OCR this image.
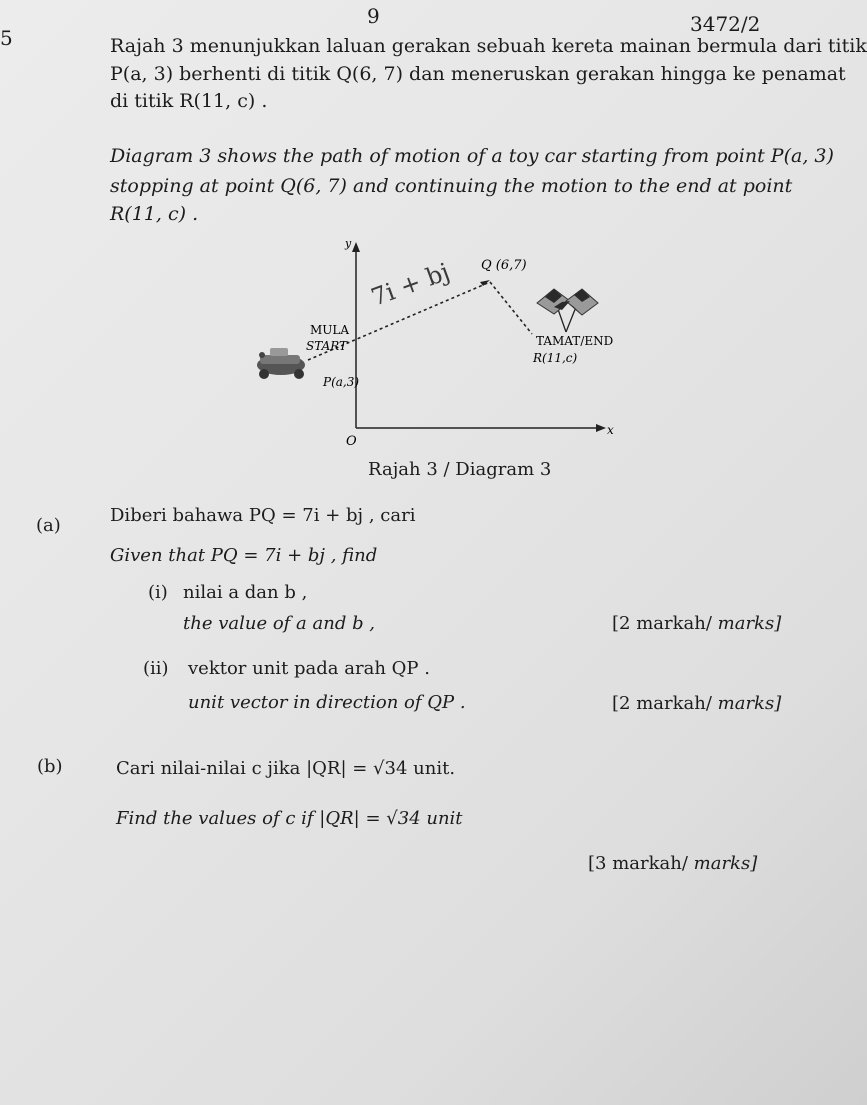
9	3472/2
5	Rajah 3 menunjukkan laluan gerakan sebuah kereta mainan bermula dari titik
P(a, 3) berhenti di titik Q(6, 7) dan meneruskan gerakan hingga ke penamat
di titik R(11, c) .
Diagram 3 shows the path of motion of a toy car starting from point P(a, 3)
stopping at point Q(6, 7) and continuing the motion to the end at point
R(11, c) .
y
x
O
7i + bj Q (6,7)
MULA
START
P(a,3)
TAMAT/END
R(11,c)
Rajah 3 / Diagram 3
(a)	Diberi bahawa PQ = 7i + bj , cari
Given that PQ = 7i + bj , find
(i) nilai a dan b ,
the value of a and b ,	[2 markah/ marks]
(ii) vektor unit pada arah QP .
unit vector in direction of QP .	[2 markah/ marks]
(b)	Cari nilai-nilai c jika |QR| = √34 unit.
Find the values of c if |QR| = √34 unit
[3 markah/ marks]
